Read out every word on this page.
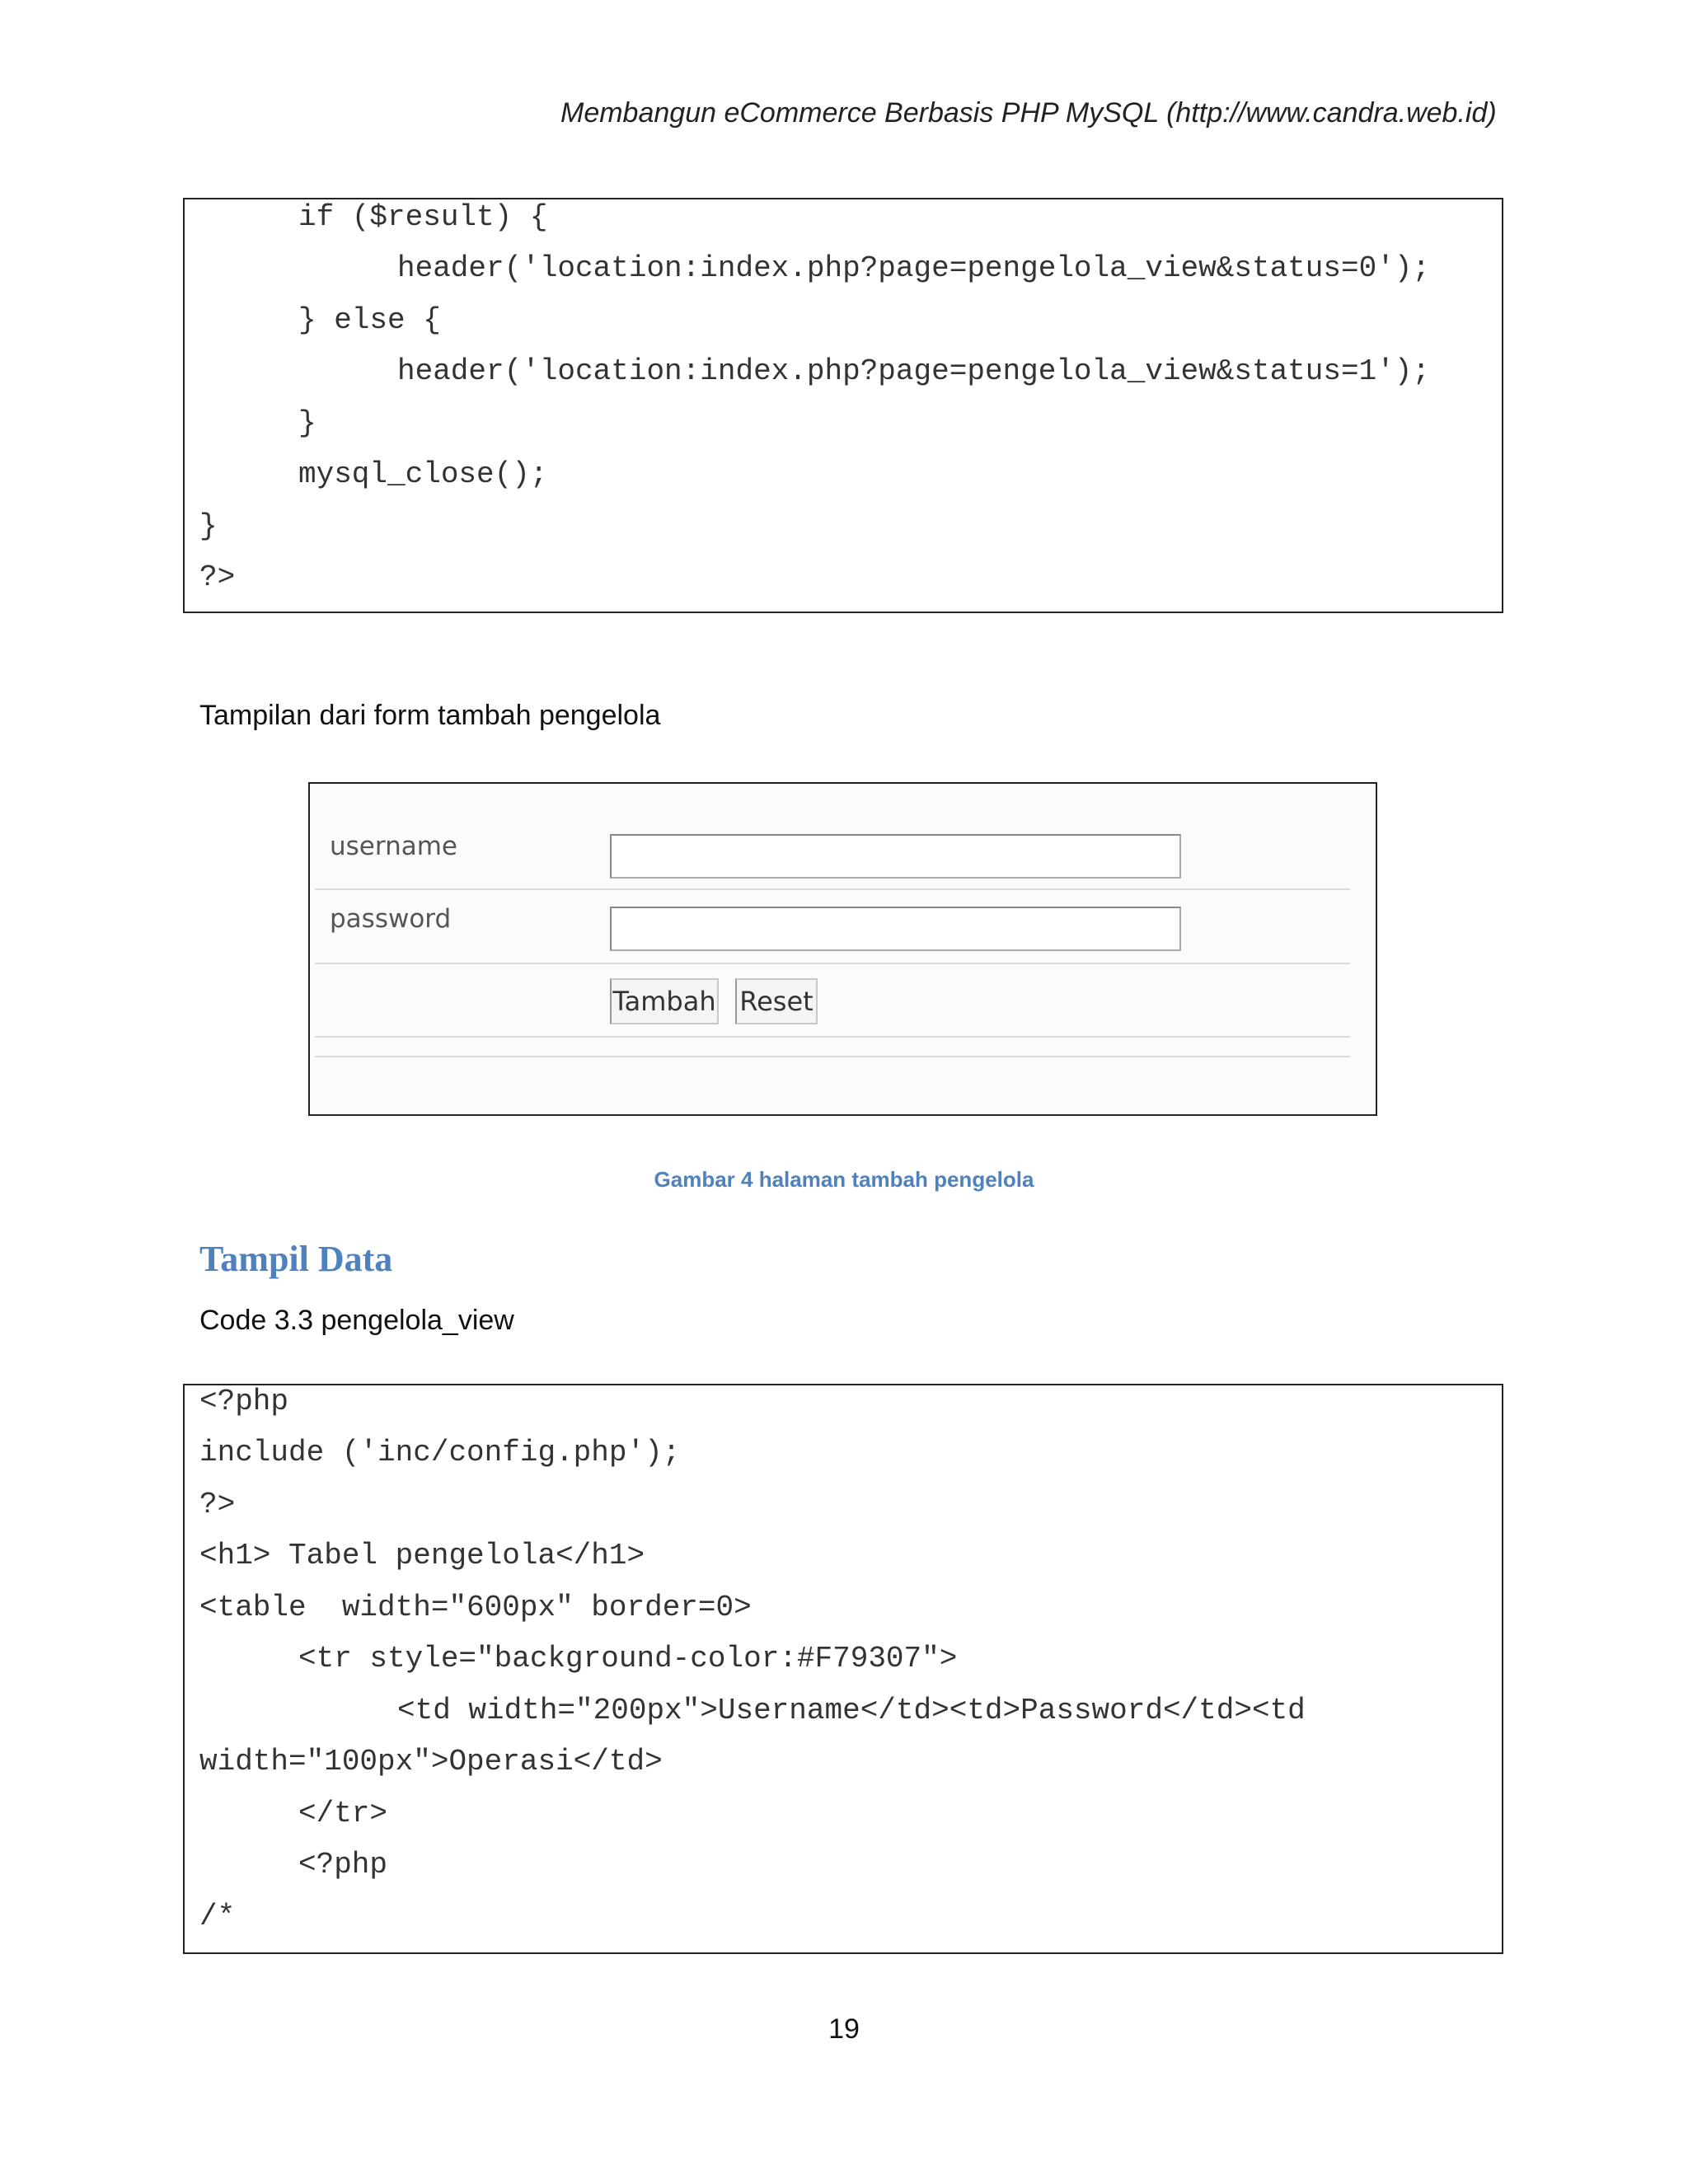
Membangun eCommerce Berbasis PHP MySQL (http://www.candra.web.id)
if ($result) {
header('location:index.php?page=pengelola_view&status=0');
} else {
header('location:index.php?page=pengelola_view&status=1');
}
mysql_close();
}
?>
Tampilan dari form tambah pengelola
username
password
Tambah Reset
Gambar 4 halaman tambah pengelola
Tampil Data
Code 3.3 pengelola_view
<?php
include ('inc/config.php');
?>
<h1> Tabel pengelola</h1>
<table  width="600px" border=0>
<tr style="background-color:#F79307">
<td width="200px">Username</td><td>Password</td><td
width="100px">Operasi</td>
</tr>
<?php
/*
19
